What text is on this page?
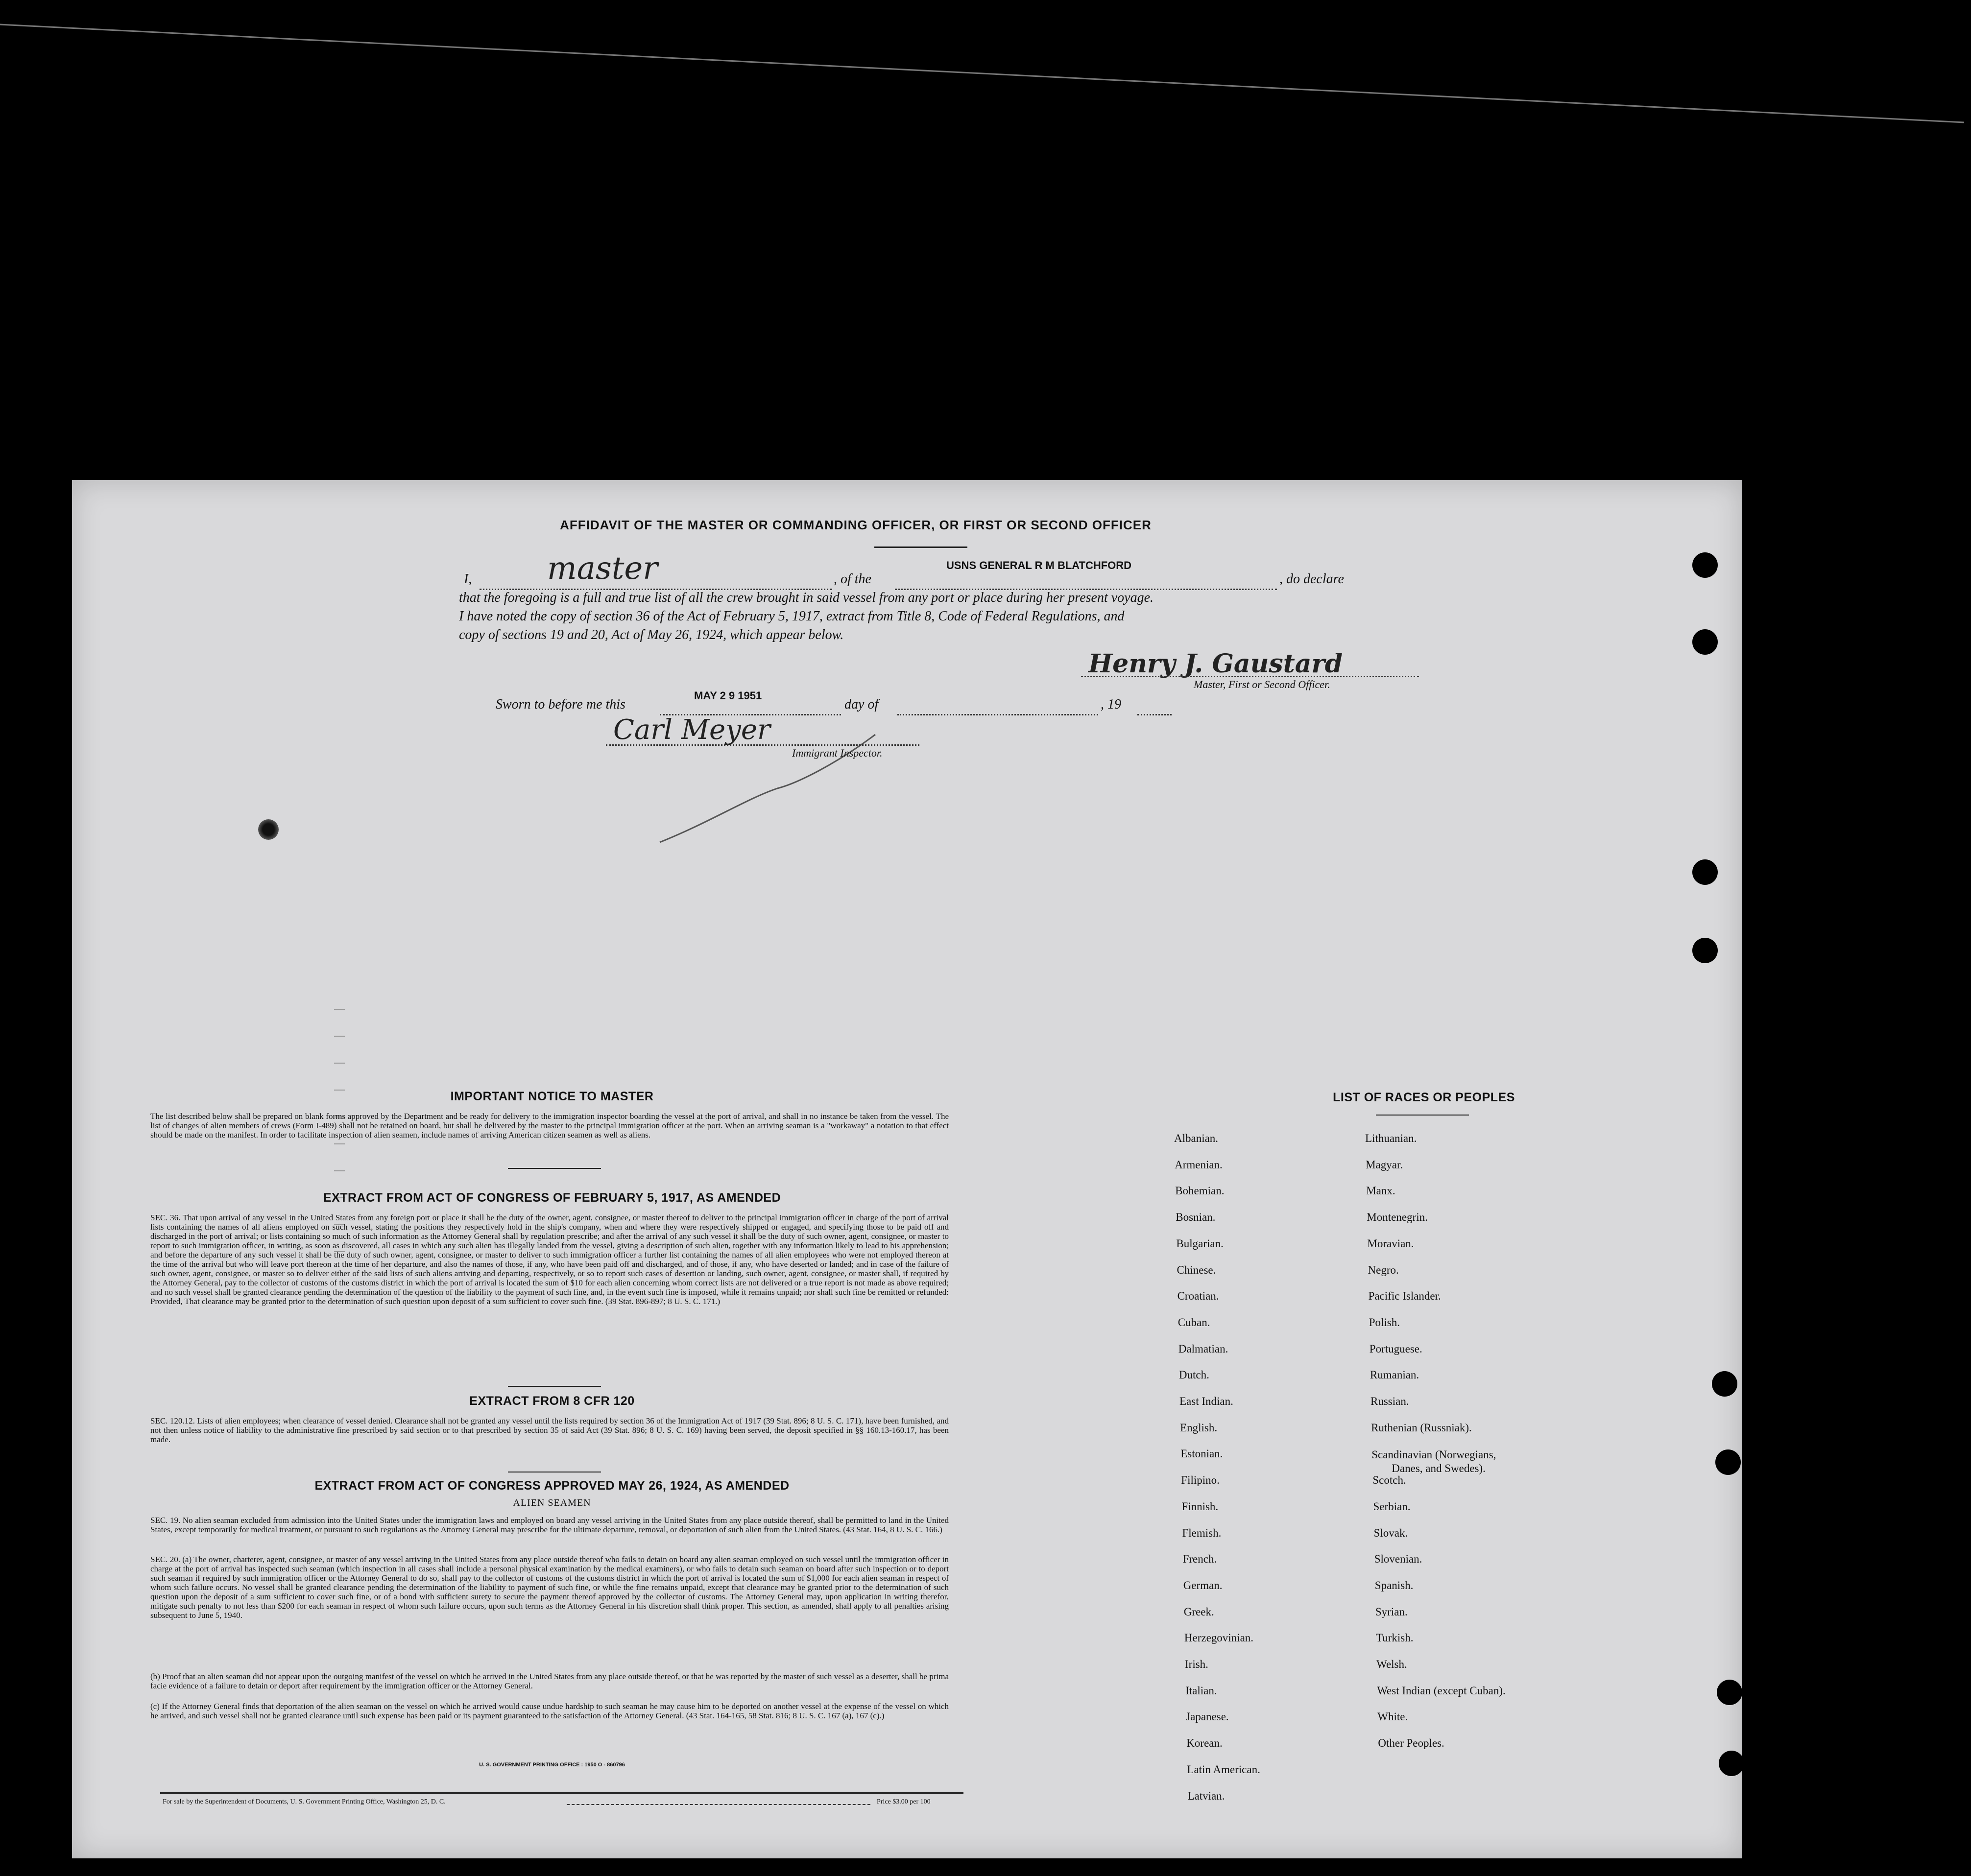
AFFIDAVIT OF THE MASTER OR COMMANDING OFFICER, OR FIRST OR SECOND OFFICER
I, master	, of the
USNS GENERAL R M BLATCHFORD
, do declare
that the foregoing is a full and true list of all the crew brought in said vessel from any port or place during her present voyage.
I have noted the copy of section 36 of the Act of February 5, 1917, extract from Title 8, Code of Federal Regulations, and
copy of sections 19 and 20, Act of May 26, 1924, which appear below.
Henry J. Gaustard
Master, First or Second Officer.
Sworn to before me this
MAY 2 9 1951
day of	, 19
Carl Meyer
Immigrant Inspector.
IMPORTANT NOTICE TO MASTER
The list described below shall be prepared on blank forms approved by the Department and be ready for delivery to the immigration inspector boarding the vessel at the port of arrival, and shall in no instance be taken from the vessel. The list of changes of alien members of crews (Form I-489) shall not be retained on board, but shall be delivered by the master to the principal immigration officer at the port. When an arriving seaman is a "workaway" a notation to that effect should be made on the manifest. In order to facilitate inspection of alien seamen, include names of arriving American citizen seamen as well as aliens.
EXTRACT FROM ACT OF CONGRESS OF FEBRUARY 5, 1917, AS AMENDED
SEC. 36. That upon arrival of any vessel in the United States from any foreign port or place it shall be the duty of the owner, agent, consignee, or master thereof to deliver to the principal immigration officer in charge of the port of arrival lists containing the names of all aliens employed on such vessel, stating the positions they respectively hold in the ship's company, when and where they were respectively shipped or engaged, and specifying those to be paid off and discharged in the port of arrival; or lists containing so much of such information as the Attorney General shall by regulation prescribe; and after the arrival of any such vessel it shall be the duty of such owner, agent, consignee, or master to report to such immigration officer, in writing, as soon as discovered, all cases in which any such alien has illegally landed from the vessel, giving a description of such alien, together with any information likely to lead to his apprehension; and before the departure of any such vessel it shall be the duty of such owner, agent, consignee, or master to deliver to such immigration officer a further list containing the names of all alien employees who were not employed thereon at the time of the arrival but who will leave port thereon at the time of her departure, and also the names of those, if any, who have been paid off and discharged, and of those, if any, who have deserted or landed; and in case of the failure of such owner, agent, consignee, or master so to deliver either of the said lists of such aliens arriving and departing, respectively, or so to report such cases of desertion or landing, such owner, agent, consignee, or master shall, if required by the Attorney General, pay to the collector of customs of the customs district in which the port of arrival is located the sum of $10 for each alien concerning whom correct lists are not delivered or a true report is not made as above required; and no such vessel shall be granted clearance pending the determination of the question of the liability to the payment of such fine, and, in the event such fine is imposed, while it remains unpaid; nor shall such fine be remitted or refunded: Provided, That clearance may be granted prior to the determination of such question upon deposit of a sum sufficient to cover such fine. (39 Stat. 896-897; 8 U. S. C. 171.)
EXTRACT FROM 8 CFR 120
SEC. 120.12. Lists of alien employees; when clearance of vessel denied. Clearance shall not be granted any vessel until the lists required by section 36 of the Immigration Act of 1917 (39 Stat. 896; 8 U. S. C. 171), have been furnished, and not then unless notice of liability to the administrative fine prescribed by said section or to that prescribed by section 35 of said Act (39 Stat. 896; 8 U. S. C. 169) having been served, the deposit specified in §§ 160.13-160.17, has been made.
EXTRACT FROM ACT OF CONGRESS APPROVED MAY 26, 1924, AS AMENDED
ALIEN SEAMEN
SEC. 19. No alien seaman excluded from admission into the United States under the immigration laws and employed on board any vessel arriving in the United States from any place outside thereof, shall be permitted to land in the United States, except temporarily for medical treatment, or pursuant to such regulations as the Attorney General may prescribe for the ultimate departure, removal, or deportation of such alien from the United States. (43 Stat. 164, 8 U. S. C. 166.)
SEC. 20. (a) The owner, charterer, agent, consignee, or master of any vessel arriving in the United States from any place outside thereof who fails to detain on board any alien seaman employed on such vessel until the immigration officer in charge at the port of arrival has inspected such seaman (which inspection in all cases shall include a personal physical examination by the medical examiners), or who fails to detain such seaman on board after such inspection or to deport such seaman if required by such immigration officer or the Attorney General to do so, shall pay to the collector of customs of the customs district in which the port of arrival is located the sum of $1,000 for each alien seaman in respect of whom such failure occurs. No vessel shall be granted clearance pending the determination of the liability to payment of such fine, or while the fine remains unpaid, except that clearance may be granted prior to the determination of such question upon the deposit of a sum sufficient to cover such fine, or of a bond with sufficient surety to secure the payment thereof approved by the collector of customs. The Attorney General may, upon application in writing therefor, mitigate such penalty to not less than $200 for each seaman in respect of whom such failure occurs, upon such terms as the Attorney General in his discretion shall think proper. This section, as amended, shall apply to all penalties arising subsequent to June 5, 1940.
(b) Proof that an alien seaman did not appear upon the outgoing manifest of the vessel on which he arrived in the United States from any place outside thereof, or that he was reported by the master of such vessel as a deserter, shall be prima facie evidence of a failure to detain or deport after requirement by the immigration officer or the Attorney General.
(c) If the Attorney General finds that deportation of the alien seaman on the vessel on which he arrived would cause undue hardship to such seaman he may cause him to be deported on another vessel at the expense of the vessel on which he arrived, and such vessel shall not be granted clearance until such expense has been paid or its payment guaranteed to the satisfaction of the Attorney General. (43 Stat. 164-165, 58 Stat. 816; 8 U. S. C. 167 (a), 167 (c).)
U. S. GOVERNMENT PRINTING OFFICE : 1950 O - 860796
For sale by the Superintendent of Documents, U. S. Government Printing Office, Washington 25, D. C.	Price $3.00 per 100
LIST OF RACES OR PEOPLES
Albanian.
Armenian.
Bohemian.
Bosnian.
Bulgarian.
Chinese.
Croatian.
Cuban.
Dalmatian.
Dutch.
East Indian.
English.
Estonian.
Filipino.
Finnish.
Flemish.
French.
German.
Greek.
Herzegovinian.
Irish.
Italian.
Japanese.
Korean.
Latin American.
Latvian.
Lithuanian.
Magyar.
Manx.
Montenegrin.
Moravian.
Negro.
Pacific Islander.
Polish.
Portuguese.
Rumanian.
Russian.
Ruthenian (Russniak).
Scandinavian (Norwegians,
Danes, and Swedes).
Scotch.
Serbian.
Slovak.
Slovenian.
Spanish.
Syrian.
Turkish.
Welsh.
West Indian (except Cuban).
White.
Other Peoples.
